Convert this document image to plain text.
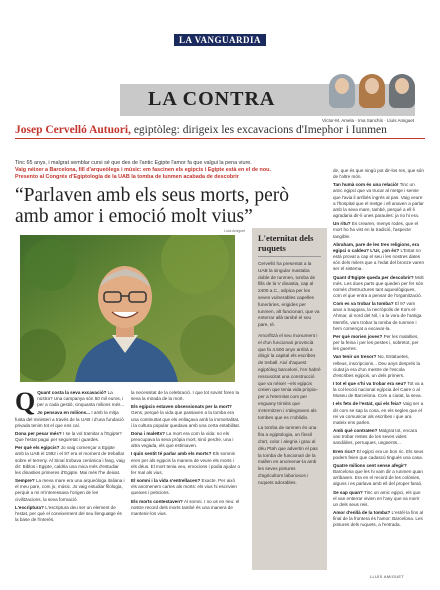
LA VANGUARDIA
LA CONTRA
Víctor-M. Amela · Ima Sanchís · Lluís Amiguet
Josep Cervelló Autuori, egiptòleg: dirigeix les excavacions d'Imephor i Iunmen

Tinc 65 anys, i malgrat semblar cursi sé que des de l'antic Egipte l'amor fa que valgui la pena viure.

Vaig néixer a Barcelona, fill d'arqueòlegs i músic: em fascinen els egipcis i Egipte està en el de nou.

Presento al Congrés d'Egiptologia de la UAB la tomba de Iunmen acabada de descobrir

“Parlaven amb els seus morts, però amb amor i emoció molt vius”
Lluís Amiguet
L'eternitat dels ruquets

Cervelló ha presentat a la UAB la singular mastaba doble de Iunmen, tomba de fills de la V dinastia, cap al 2400 a.C., atípica per les seves vulnerables capelles funeràries, erigides per Iunmen, alt funcionari, que va enterrar allà també el seu pare, Ié.

Amorfitzà el seu monument i el d'un funcionari provincià que fa 4.500 anys arribà a dirigir la capital els escribes de treball. Així d'aquest egiptòleg barceloní, l'en habré ressuscitat una construcció que va néixer –els egipcis creien que tenia vida pròpia– per a l'eternitat com per enguany trimitis que s'eternitzen i s'alegraven als tombes que es n'oblidin.

La tomba de Iunmen és una fita a egiptologia, un fòssil d'art, color i alegria i grau al déu Ptah que advertin el pas la tomba de funcionari de la mallen en anomenar-la amb les seves pintures d'agricultors laboriosos i ruquets adorables.

Q Quant costa la seva excavació? La nostra? Una campanya són 50 mil euros, i per a cada gestió, cinquanta milions més...

Jo pensava en milions... I amb la mitja fusta del ministeri a través de la UAB i d'una fundació privada tenim tot el que ens cal.

Dona per pesar més? I se la vol tramitar a l'Egipte? Que l'estat pagui per seguretat i guardes.

Per què els egipcis? Jo vaig començar a Egipte amb la UAB el 1992 i el 97 era el moment de treballar sobre el terreny. Al Sinaí trobava ceràmica i fang, vaig dir: Biblos i Egipte, caldria una mica més d'estudiar les dinasties primeres d'Egipte. Mai més l'he deixat.

Sempre? La meva mare era una arqueòloga italiana i el meu pare, com jo, músic. Jo vaig estudiar filologia, perquè a mi m'interessava l'origen de les civilitzacions, la seva formació.

L'escriptura? L'escriptura deu ser un element de l'estat, per què el coneixement del seu llenguatge és la base de l'interès.

la necessitat de la celebració. I que tot sovint foren la seva la mirada de la mort.

Els egipcis estaven obsessionats per la mort? Gens, perquè la vida que passaven a la tomba era una continuïtat que els enllaçava amb la immortalitat, i la cultura popular quedava amb una certa estabilitat.

Dona i maleïts? La mort era com la vida: no els preocupava la seva pròpia mort, sinó perdre, una i altra vegada, els que estimaven.

I quin sentit té parlar amb els morts? Els somnis eren per als egipcis la manera de veure els morts i els déus. El mort tenia veu, emocions i podia ajudar o fer mal als vius.

El somni i la vida s'entrellacen? Exacte. Per això els anomenem cartes als morts: els vius hi escrivien queixes i peticions.

Els morts contestaven? Al somni. I no us en rieu: el nostre record dels morts també és una manera de mantenir-los vius.

de, que és que ningú pot dir-los res, que són de l'altre món.

Tan humà com és una relació! Tinc un amic egipci que va trucar al metge i sense que l'avia li arribés ingrés al pas. Vaig veure a l'hospital que el metge i ell anaven a parlar amb la seva mare, també, perquè a ell li agradaria dir-li unes paraules: ja no hi era.

Un ritu? Es crearen, menys rodes, que el mort ho ha vist en la tradició, l'aspecte tangible.

Abraham, pare de les tres religions, era egipci o caldeu? L'Ur, ¿on és? L'Estat no està provat a cap el seu i les nostres dates són dels milers que a l'edat del bronze varen ser el sistema.

Quant d'Egipte queda per descobrir? Molt més. Les dues parts que queden per fer són només d'estructures tant aqueològiques, com el que entra a pensar de l'organització.

Com es va trobar la tomba? El 97 vam anar a Saqqara, la necròpolis de Kom el-Ahmar, al nord del Nil, i a la vora de l'antiga Memfis, vam trobar la tomba de Iunmen i hem començat a excavar-la.

Per què morien joves? Per les malalties, per la feina i per les pestes i, sobretot, per les guerres.

Van tenir un tresor? No. Estatuetes, relleus, inscripcions... Deu anys després la ciutat ja era d'un mestre de l'escola d'escribes egipcis, un dels primers.

I tot el que s'hi va trobar era seu? Tot va a la col·lecció nacional egípcia del Caire o al Museu de Barcelona. Com a ciutat, la seva.

I els fets de l'estat, qui els feia? Vaig ser a dir com se sap la cosa, en els segles que el rei va comunicar als escribes i que ara mateix ens parlen.

Amb què contraïen? Malgrat tot, encara van trobar restes de les seves vides: sandàlies, perruques, ungüents...

Eren rics? El egipci era un bon ric. Els seus poders feien que cadascú tingués una casa.

Quatre milions cent sense afegir? Barcelona que les hi vam dir a Iunmen quan arribaven. Era en el record de les colònies, alguns i es parlava amb ell del proper faraó.

Se sap quan? Tinc un amic egipci, els que el van enterrar vivien en l'any que va morir un dels seus reis.

Amor d'enllà de la tomba? L'estèl·la fins al final de la frontera és l'amor: Barcelona. Les pintures dels ruquets, a l'entrada.

LLUÍS AMIGUET
